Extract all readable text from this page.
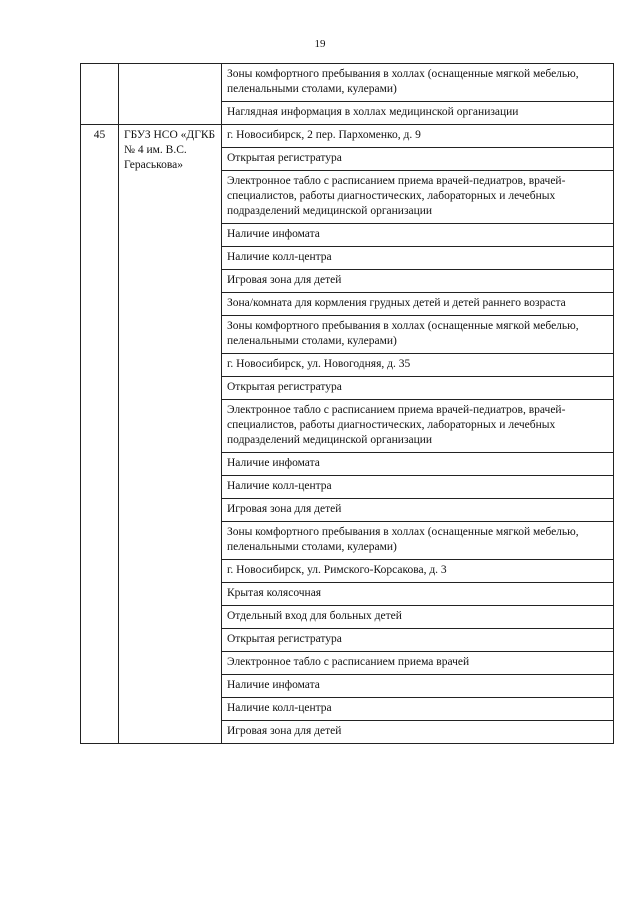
19
		Зоны комфортного пребывания в холлах (оснащенные мягкой мебелью, пеленальными столами, кулерами)
		Наглядная информация в холлах медицинской организации
45	ГБУЗ НСО «ДГКБ № 4 им. В.С. Гераськова»	г. Новосибирск, 2 пер. Пархоменко, д. 9
		Открытая регистратура
		Электронное табло с расписанием приема врачей-педиатров, врачей-специалистов, работы диагностических, лабораторных и лечебных подразделений медицинской организации
		Наличие инфомата
		Наличие колл-центра
		Игровая зона для детей
		Зона/комната для кормления грудных детей и детей раннего возраста
		Зоны комфортного пребывания в холлах (оснащенные мягкой мебелью, пеленальными столами, кулерами)
		г. Новосибирск, ул. Новогодняя, д. 35
		Открытая регистратура
		Электронное табло с расписанием приема врачей-педиатров, врачей-специалистов, работы диагностических, лабораторных и лечебных подразделений медицинской организации
		Наличие инфомата
		Наличие колл-центра
		Игровая зона для детей
		Зоны комфортного пребывания в холлах (оснащенные мягкой мебелью, пеленальными столами, кулерами)
		г. Новосибирск, ул. Римского-Корсакова, д. 3
		Крытая колясочная
		Отдельный вход для больных детей
		Открытая регистратура
		Электронное табло с расписанием приема врачей
		Наличие инфомата
		Наличие колл-центра
		Игровая зона для детей
